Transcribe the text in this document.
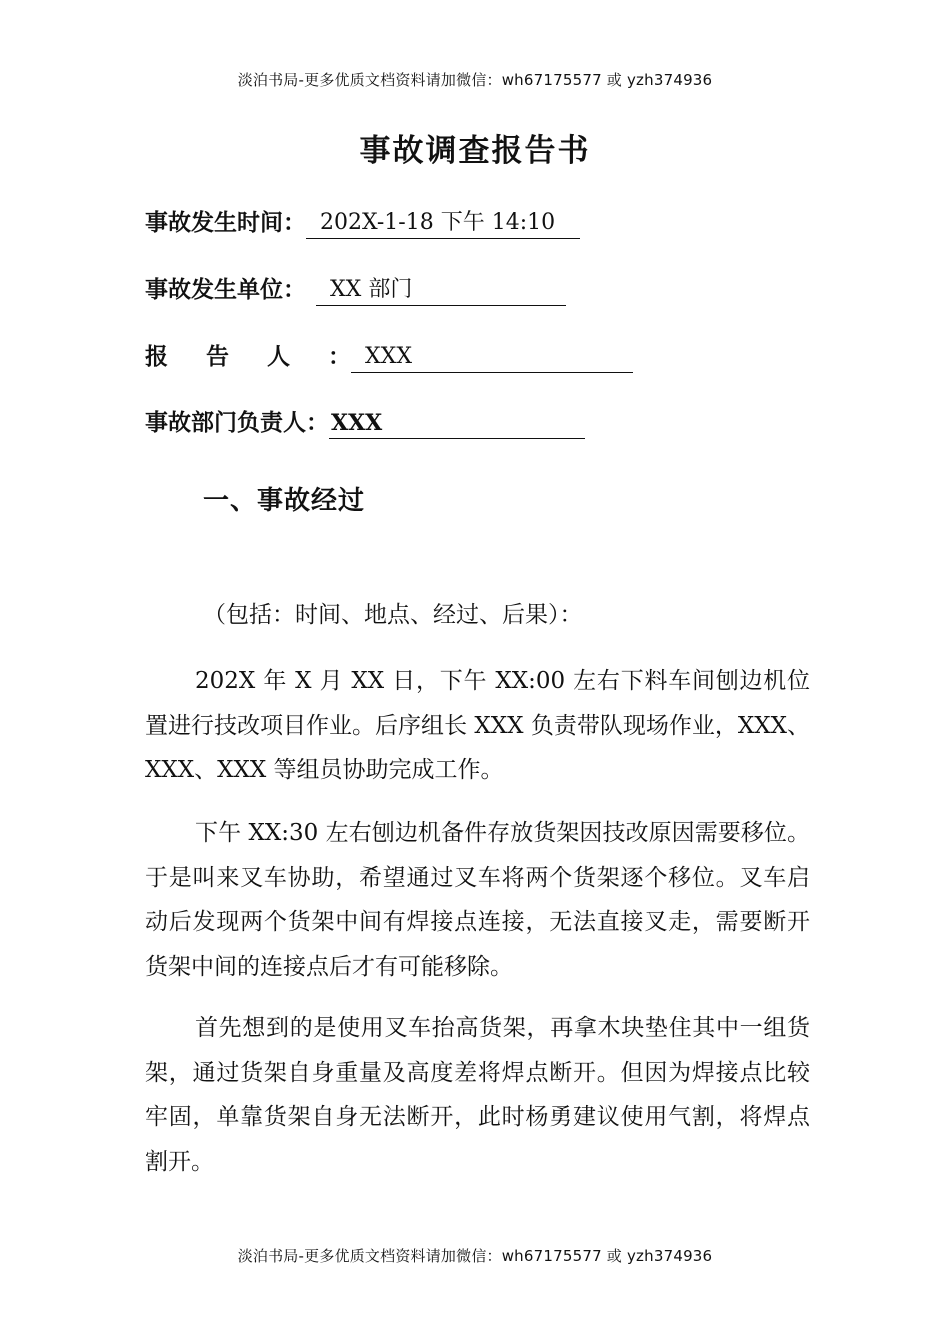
淡泊书局-更多优质文档资料请加微信：wh67175577 或 yzh374936
事故调查报告书
事故发生时间： 202X-1-18 下午 14:10
事故发生单位： XX 部门
报告人： XXX
事故部门负责人：XXX
一、事故经过

（包括：时间、地点、经过、后果）：

202X 年 X 月 XX 日，下午 XX:00 左右下料车间刨边机位置进行技改项目作业。后序组长 XXX 负责带队现场作业，XXX、XXX、XXX 等组员协助完成工作。

下午 XX:30 左右刨边机备件存放货架因技改原因需要移位。于是叫来叉车协助，希望通过叉车将两个货架逐个移位。叉车启动后发现两个货架中间有焊接点连接，无法直接叉走，需要断开货架中间的连接点后才有可能移除。

首先想到的是使用叉车抬高货架，再拿木块垫住其中一组货架，通过货架自身重量及高度差将焊点断开。但因为焊接点比较牢固，单靠货架自身无法断开，此时杨勇建议使用气割，将焊点割开。

淡泊书局-更多优质文档资料请加微信：wh67175577 或 yzh374936
